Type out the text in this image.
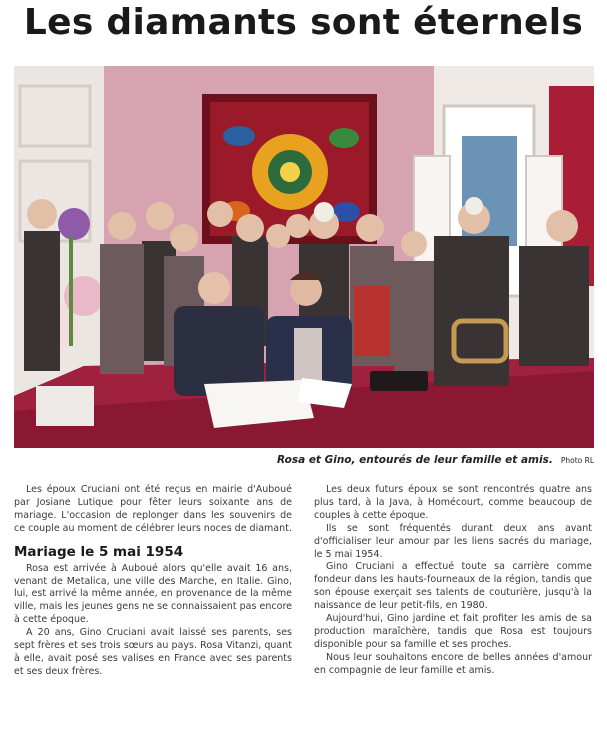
Les diamants sont éternels
Rosa et Gino, entourés de leur famille et amis. Photo RL

Les époux Cruciani ont été reçus en mairie d'Auboué par Josiane Lutique pour fêter leurs soixante ans de mariage. L'occasion de replonger dans les souvenirs de ce couple au moment de célébrer leurs noces de diamant.

Mariage le 5 mai 1954

Rosa est arrivée à Auboué alors qu'elle avait 16 ans, venant de Metalica, une ville des Marche, en Italie. Gino, lui, est arrivé la même année, en provenance de la même ville, mais les jeunes gens ne se connaissaient pas encore à cette époque.

A 20 ans, Gino Cruciani avait laissé ses parents, ses sept frères et ses trois sœurs au pays. Rosa Vitanzi, quant à elle, avait posé ses valises en France avec ses parents et ses deux frères.

Les deux futurs époux se sont rencontrés quatre ans plus tard, à la Java, à Homécourt, comme beaucoup de couples à cette époque.

Ils se sont fréquentés durant deux ans avant d'officialiser leur amour par les liens sacrés du mariage, le 5 mai 1954.

Gino Cruciani a effectué toute sa carrière comme fondeur dans les hauts-fourneaux de la région, tandis que son épouse exerçait ses talents de couturière, jusqu'à la naissance de leur petit-fils, en 1980.

Aujourd'hui, Gino jardine et fait profiter les amis de sa production maraîchère, tandis que Rosa est toujours disponible pour sa famille et ses proches.

Nous leur souhaitons encore de belles années d'amour en compagnie de leur famille et amis.
